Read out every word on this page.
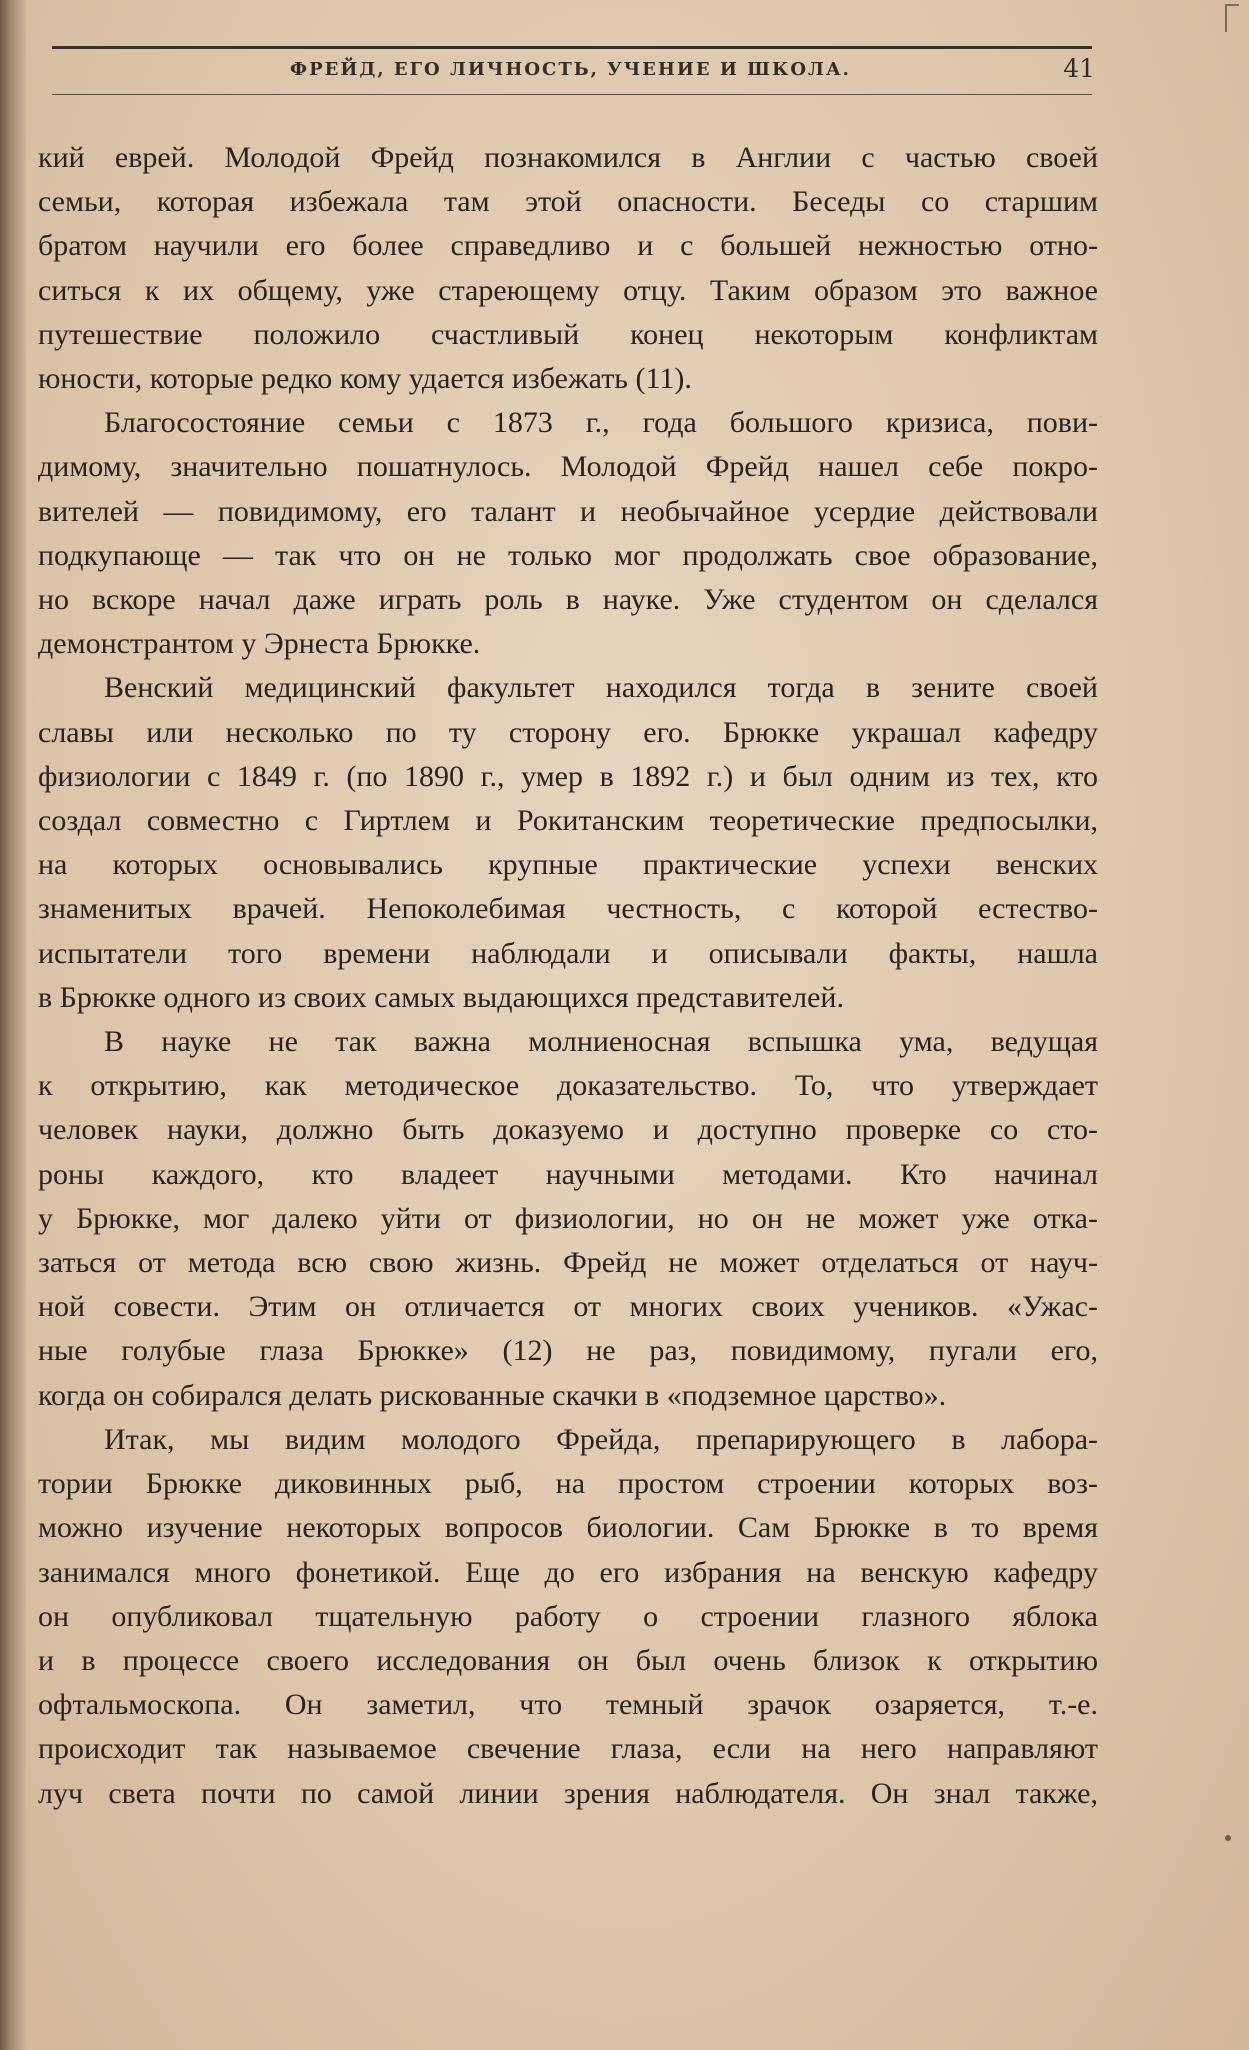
ФРЕЙД, ЕГО ЛИЧНОСТЬ, УЧЕНИЕ И ШКОЛА.	41

кий еврей. Молодой Фрейд познакомился в Англии с частью своей

семьи, которая избежала там этой опасности. Беседы со старшим

братом научили его более справедливо и с большей нежностью отно-

ситься к их общему, уже стареющему отцу. Таким образом это важное

путешествие положило счастливый конец некоторым конфликтам

юности, которые редко кому удается избежать (11).

Благосостояние семьи с 1873 г., года большого кризиса, пови-

димому, значительно пошатнулось. Молодой Фрейд нашел себе покро-

вителей — повидимому, его талант и необычайное усердие действовали

подкупающе — так что он не только мог продолжать свое образование,

но вскоре начал даже играть роль в науке. Уже студентом он сделался

демонстрантом у Эрнеста Брюкке.

Венский медицинский факультет находился тогда в зените своей

славы или несколько по ту сторону его. Брюкке украшал кафедру

физиологии с 1849 г. (по 1890 г., умер в 1892 г.) и был одним из тех, кто

создал совместно с Гиртлем и Рокитанским теоретические предпосылки,

на которых основывались крупные практические успехи венских

знаменитых врачей. Непоколебимая честность, с которой естество-

испытатели того времени наблюдали и описывали факты, нашла

в Брюкке одного из своих самых выдающихся представителей.

В науке не так важна молниеносная вспышка ума, ведущая

к открытию, как методическое доказательство. То, что утверждает

человек науки, должно быть доказуемо и доступно проверке со сто-

роны каждого, кто владеет научными методами. Кто начинал

у Брюкке, мог далеко уйти от физиологии, но он не может уже отка-

заться от метода всю свою жизнь. Фрейд не может отделаться от науч-

ной совести. Этим он отличается от многих своих учеников. «Ужас-

ные голубые глаза Брюкке» (12) не раз, повидимому, пугали его,

когда он собирался делать рискованные скачки в «подземное царство».

Итак, мы видим молодого Фрейда, препарирующего в лабора-

тории Брюкке диковинных рыб, на простом строении которых воз-

можно изучение некоторых вопросов биологии. Сам Брюкке в то время

занимался много фонетикой. Еще до его избрания на венскую кафедру

он опубликовал тщательную работу о строении глазного яблока

и в процессе своего исследования он был очень близок к открытию

офтальмоскопа. Он заметил, что темный зрачок озаряется, т.-е.

происходит так называемое свечение глаза, если на него направляют

луч света почти по самой линии зрения наблюдателя. Он знал также,
